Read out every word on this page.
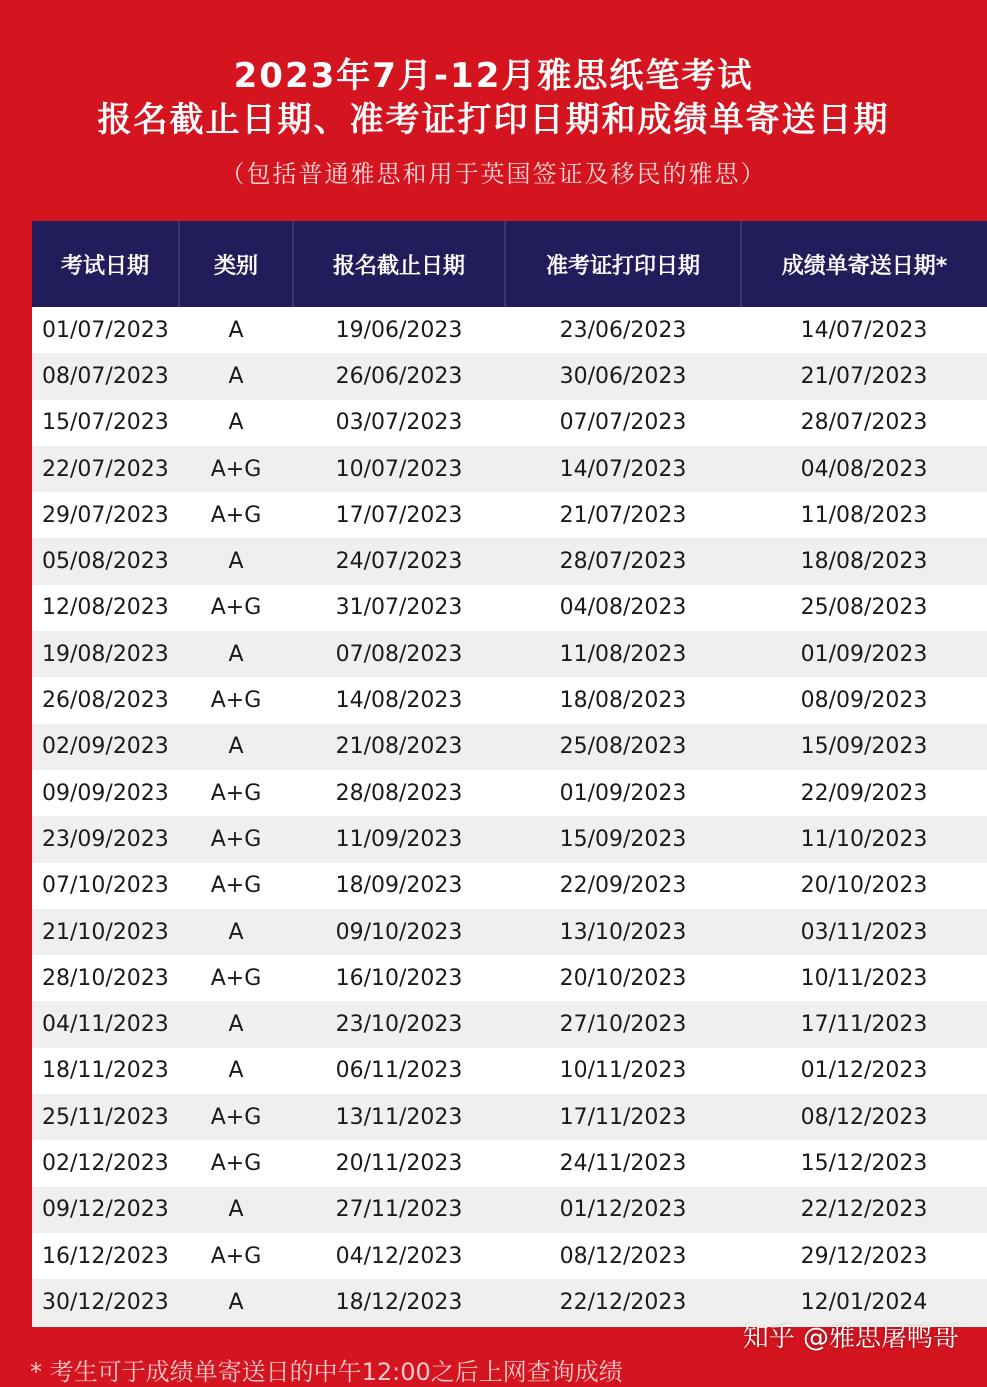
2023年7月-12月雅思纸笔考试
报名截止日期、准考证打印日期和成绩单寄送日期
（包括普通雅思和用于英国签证及移民的雅思）
考试日期	类别	报名截止日期	准考证打印日期	成绩单寄送日期*
01/07/2023	A	19/06/2023	23/06/2023	14/07/2023
08/07/2023	A	26/06/2023	30/06/2023	21/07/2023
15/07/2023	A	03/07/2023	07/07/2023	28/07/2023
22/07/2023	A+G	10/07/2023	14/07/2023	04/08/2023
29/07/2023	A+G	17/07/2023	21/07/2023	11/08/2023
05/08/2023	A	24/07/2023	28/07/2023	18/08/2023
12/08/2023	A+G	31/07/2023	04/08/2023	25/08/2023
19/08/2023	A	07/08/2023	11/08/2023	01/09/2023
26/08/2023	A+G	14/08/2023	18/08/2023	08/09/2023
02/09/2023	A	21/08/2023	25/08/2023	15/09/2023
09/09/2023	A+G	28/08/2023	01/09/2023	22/09/2023
23/09/2023	A+G	11/09/2023	15/09/2023	11/10/2023
07/10/2023	A+G	18/09/2023	22/09/2023	20/10/2023
21/10/2023	A	09/10/2023	13/10/2023	03/11/2023
28/10/2023	A+G	16/10/2023	20/10/2023	10/11/2023
04/11/2023	A	23/10/2023	27/10/2023	17/11/2023
18/11/2023	A	06/11/2023	10/11/2023	01/12/2023
25/11/2023	A+G	13/11/2023	17/11/2023	08/12/2023
02/12/2023	A+G	20/11/2023	24/11/2023	15/12/2023
09/12/2023	A	27/11/2023	01/12/2023	22/12/2023
16/12/2023	A+G	04/12/2023	08/12/2023	29/12/2023
30/12/2023	A	18/12/2023	22/12/2023	12/01/2024
知乎 @雅思屠鸭哥
* 考生可于成绩单寄送日的中午12:00之后上网查询成绩
